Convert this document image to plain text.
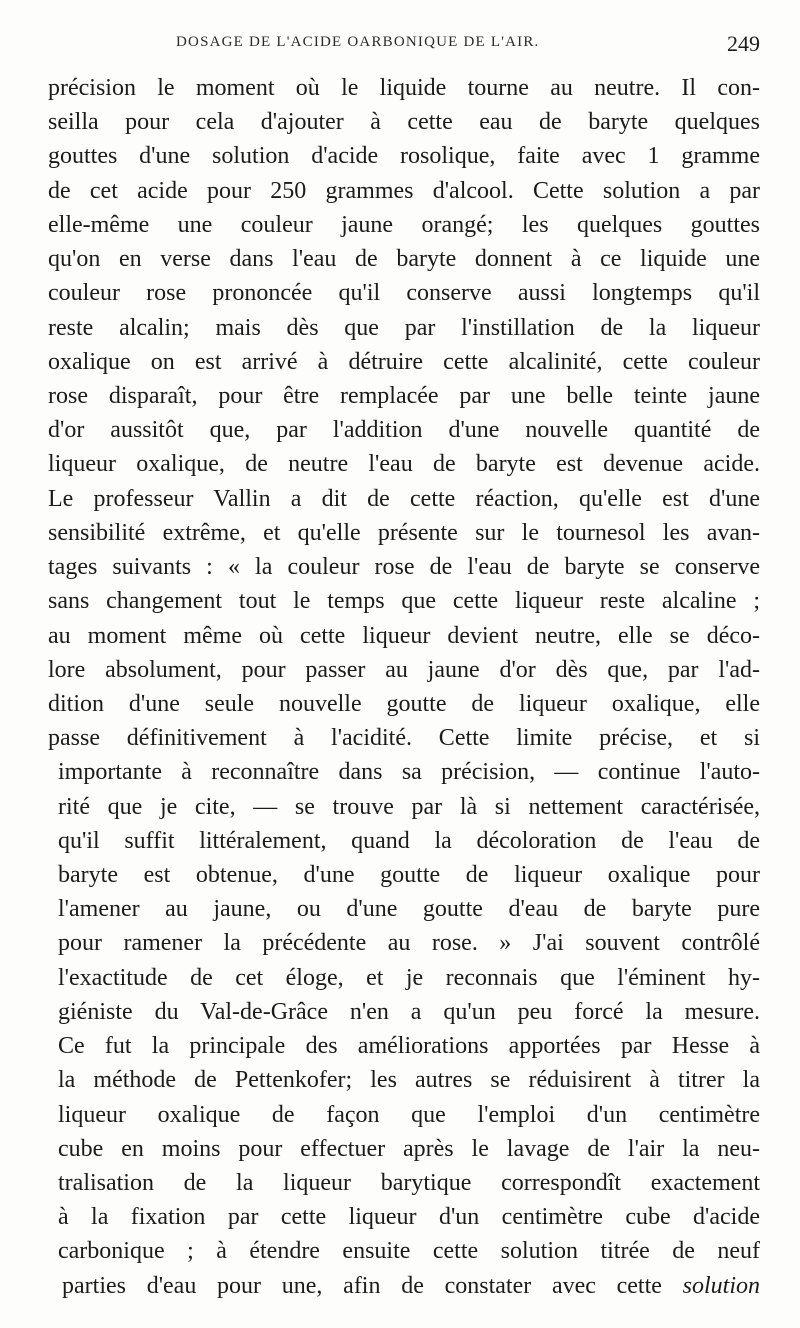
DOSAGE DE L'ACIDE OARBONIQUE DE L'AIR.	249
précision le moment où le liquide tourne au neutre. Il con-
seilla pour cela d'ajouter à cette eau de baryte quelques
gouttes d'une solution d'acide rosolique, faite avec 1 gramme
de cet acide pour 250 grammes d'alcool. Cette solution a par
elle-même une couleur jaune orangé; les quelques gouttes
qu'on en verse dans l'eau de baryte donnent à ce liquide une
couleur rose prononcée qu'il conserve aussi longtemps qu'il
reste alcalin; mais dès que par l'instillation de la liqueur
oxalique on est arrivé à détruire cette alcalinité, cette couleur
rose disparaît, pour être remplacée par une belle teinte jaune
d'or aussitôt que, par l'addition d'une nouvelle quantité de
liqueur oxalique, de neutre l'eau de baryte est devenue acide.
Le professeur Vallin a dit de cette réaction, qu'elle est d'une
sensibilité extrême, et qu'elle présente sur le tournesol les avan-
tages suivants : « la couleur rose de l'eau de baryte se conserve
sans changement tout le temps que cette liqueur reste alcaline ;
au moment même où cette liqueur devient neutre, elle se déco-
lore absolument, pour passer au jaune d'or dès que, par l'ad-
dition d'une seule nouvelle goutte de liqueur oxalique, elle
passe définitivement à l'acidité. Cette limite précise, et si
importante à reconnaître dans sa précision, — continue l'auto-
rité que je cite, — se trouve par là si nettement caractérisée,
qu'il suffit littéralement, quand la décoloration de l'eau de
baryte est obtenue, d'une goutte de liqueur oxalique pour
l'amener au jaune, ou d'une goutte d'eau de baryte pure
pour ramener la précédente au rose. » J'ai souvent contrôlé
l'exactitude de cet éloge, et je reconnais que l'éminent hy-
giéniste du Val-de-Grâce n'en a qu'un peu forcé la mesure.
Ce fut la principale des améliorations apportées par Hesse à
la méthode de Pettenkofer; les autres se réduisirent à titrer la
liqueur oxalique de façon que l'emploi d'un centimètre
cube en moins pour effectuer après le lavage de l'air la neu-
tralisation de la liqueur barytique correspondît exactement
à la fixation par cette liqueur d'un centimètre cube d'acide
carbonique ; à étendre ensuite cette solution titrée de neuf
parties d'eau pour une, afin de constater avec cette solution
